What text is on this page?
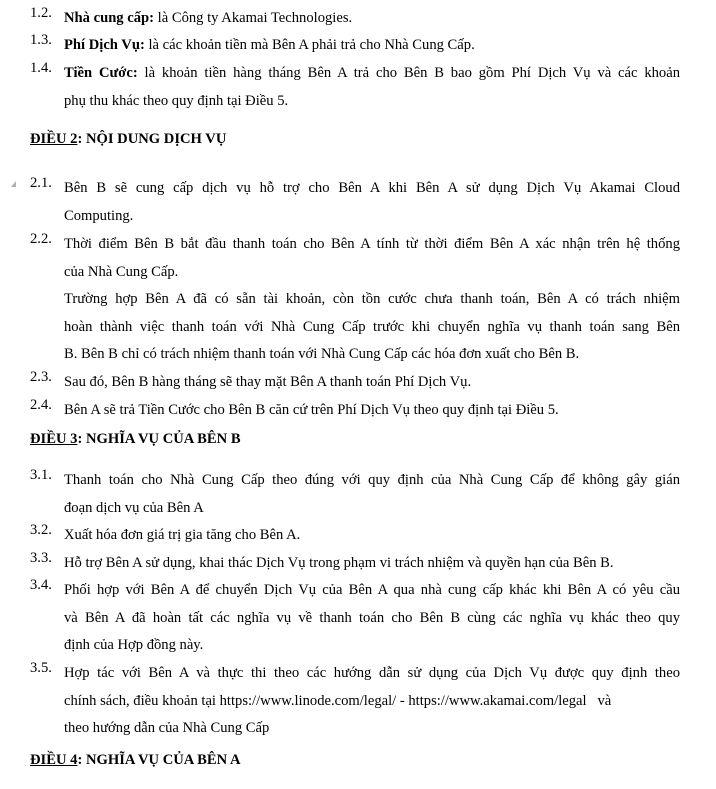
1.2. Nhà cung cấp: là Công ty Akamai Technologies.
1.3. Phí Dịch Vụ: là các khoản tiền mà Bên A phải trả cho Nhà Cung Cấp.
1.4. Tiền Cước: là khoản tiền hàng tháng Bên A trả cho Bên B bao gồm Phí Dịch Vụ và các khoản
phụ thu khác theo quy định tại Điều 5.
ĐIỀU 2: NỘI DUNG DỊCH VỤ
2.1. Bên B sẽ cung cấp dịch vụ hỗ trợ cho Bên A khi Bên A sử dụng Dịch Vụ Akamai Cloud
Computing.
2.2. Thời điểm Bên B bắt đầu thanh toán cho Bên A tính từ thời điểm Bên A xác nhận trên hệ thống
của Nhà Cung Cấp.
Trường hợp Bên A đã có sẵn tài khoản, còn tồn cước chưa thanh toán, Bên A có trách nhiệm
hoàn thành việc thanh toán với Nhà Cung Cấp trước khi chuyển nghĩa vụ thanh toán sang Bên
B. Bên B chỉ có trách nhiệm thanh toán với Nhà Cung Cấp các hóa đơn xuất cho Bên B.
2.3. Sau đó, Bên B hàng tháng sẽ thay mặt Bên A thanh toán Phí Dịch Vụ.
2.4. Bên A sẽ trả Tiền Cước cho Bên B căn cứ trên Phí Dịch Vụ theo quy định tại Điều 5.
ĐIỀU 3: NGHĨA VỤ CỦA BÊN B
3.1. Thanh toán cho Nhà Cung Cấp theo đúng với quy định của Nhà Cung Cấp để không gây gián
đoạn dịch vụ của Bên A
3.2. Xuất hóa đơn giá trị gia tăng cho Bên A.
3.3. Hỗ trợ Bên A sử dụng, khai thác Dịch Vụ trong phạm vi trách nhiệm và quyền hạn của Bên B.
3.4. Phối hợp với Bên A để chuyển Dịch Vụ của Bên A qua nhà cung cấp khác khi Bên A có yêu cầu
và Bên A đã hoàn tất các nghĩa vụ về thanh toán cho Bên B cùng các nghĩa vụ khác theo quy
định của Hợp đồng này.
3.5. Hợp tác với Bên A và thực thi theo các hướng dẫn sử dụng của Dịch Vụ được quy định theo
chính sách, điều khoản tại https://www.linode.com/legal/ - https://www.akamai.com/legal   và
theo hướng dẫn của Nhà Cung Cấp
ĐIỀU 4: NGHĨA VỤ CỦA BÊN A
